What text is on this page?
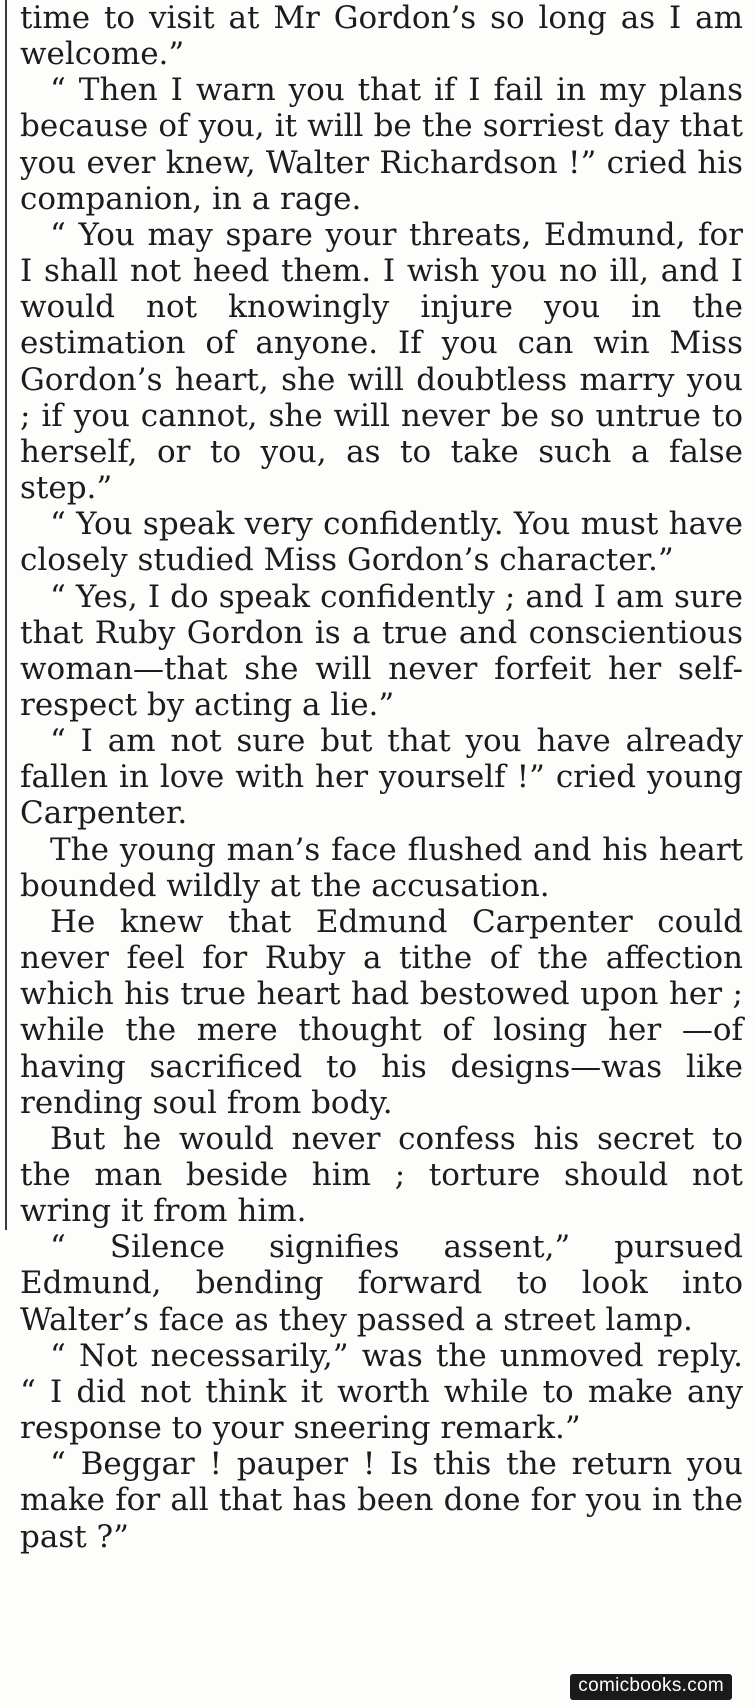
time to visit at Mr Gordon’s so long as I am welcome.”

“ Then I warn you that if I fail in my plans because of you, it will be the sorriest day that you ever knew, Walter Richardson !” cried his companion, in a rage.

“ You may spare your threats, Edmund, for I shall not heed them. I wish you no ill, and I would not knowingly injure you in the estimation of anyone. If you can win Miss Gordon’s heart, she will doubtless marry you ; if you cannot, she will never be so untrue to herself, or to you, as to take such a false step.”

“ You speak very confidently. You must have closely studied Miss Gordon’s character.”

“ Yes, I do speak confidently ; and I am sure that Ruby Gordon is a true and conscientious woman—that she will never forfeit her self-respect by acting a lie.”

“ I am not sure but that you have already fallen in love with her yourself !” cried young Carpenter.

The young man’s face flushed and his heart bounded wildly at the accusation.

He knew that Edmund Carpenter could never feel for Ruby a tithe of the affection which his true heart had bestowed upon her ; while the mere thought of losing her —of having sacrificed to his designs—was like rending soul from body.

But he would never confess his secret to the man beside him ; torture should not wring it from him.

“ Silence signifies assent,” pursued Edmund, bending forward to look into Walter’s face as they passed a street lamp.

“ Not necessarily,” was the unmoved reply. “ I did not think it worth while to make any response to your sneering remark.”

“ Beggar ! pauper ! Is this the return you make for all that has been done for you in the past ?”

comicbooks.com
